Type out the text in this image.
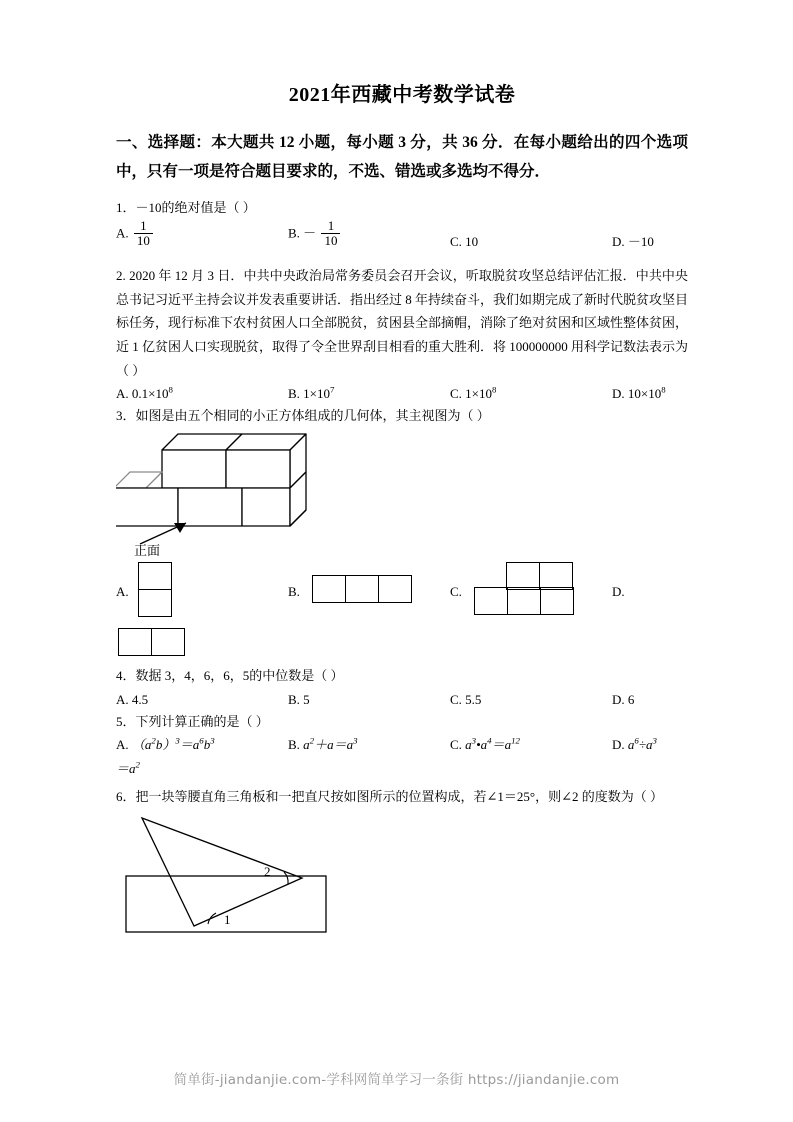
2021年西藏中考数学试卷
一、选择题：本大题共 12 小题，每小题 3 分，共 36 分．在每小题给出的四个选项中，只有一项是符合题目要求的，不选、错选或多选均不得分．
1．－10的绝对值是（ ）
A. $\frac{1}{10}$	B. － $\frac{1}{10}$	C. 10	D. －10
2. 2020 年 12 月 3 日．中共中央政治局常务委员会召开会议，听取脱贫攻坚总结评估汇报．中共中央总书记习近平主持会议并发表重要讲话．指出经过 8 年持续奋斗，我们如期完成了新时代脱贫攻坚目标任务，现行标准下农村贫困人口全部脱贫，贫困县全部摘帽，消除了绝对贫困和区域性整体贫困，近 1 亿贫困人口实现脱贫，取得了令全世界刮目相看的重大胜利．将 100000000 用科学记数法表示为（ ）
A. $0.1\times 10^8$	B. $1\times 10^7$	C. $1\times 10^8$	D. $10\times 10^8$
3．如图是由五个相同的小正方体组成的几何体，其主视图为（ ）
正面
A.	B.
			C.

			D.

4．数据 3，4，6，6，5的中位数是（ ）
A. 4.5	B. 5	C. 5.5	D. 6
5．下列计算正确的是（ ）
A. $(a^2b)^3=a^6b^3$	B. $a^2+a=a^3$	C. $a^3•a^4=a^{12}$	D. $a^6\div a^3$
$=a^2$
6．把一块等腰直角三角板和一把直尺按如图所示的位置构成，若∠1＝25°，则∠2 的度数为（ ）
1
2
简单街-jiandanjie.com-学科网简单学习一条街 https://jiandanjie.com
